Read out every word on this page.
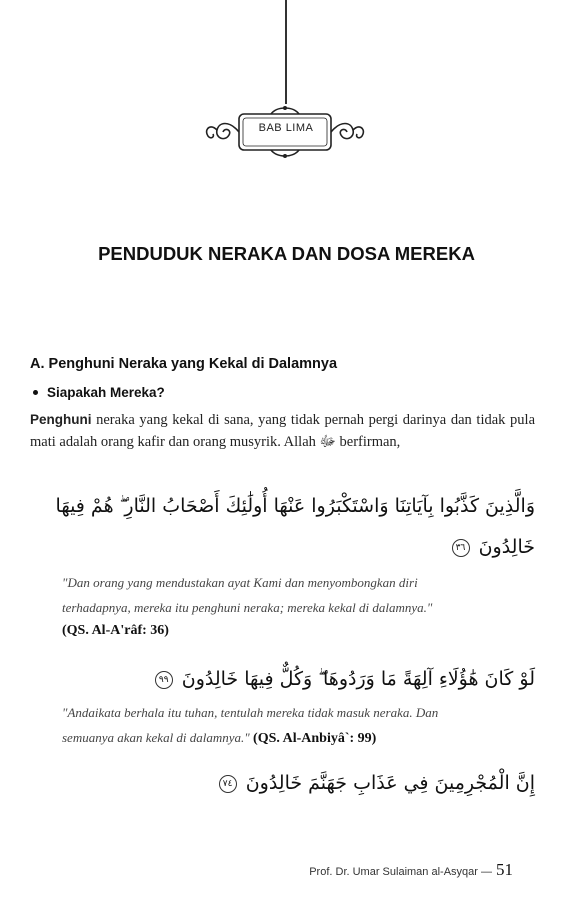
BAB LIMA
PENDUDUK NERAKA DAN DOSA MEREKA
A. Penghuni Neraka yang Kekal di Dalamnya
Siapakah Mereka?
Penghuni neraka yang kekal di sana, yang tidak pernah pergi darinya dan tidak pula mati adalah orang kafir dan orang musyrik. Allah ﷻ berfirman,
وَالَّذِينَ كَذَّبُوا بِآيَاتِنَا وَاسْتَكْبَرُوا عَنْهَا أُولَٰئِكَ أَصْحَابُ النَّارِ ۖ هُمْ فِيهَا
خَالِدُونَ ٣٦
"Dan orang yang mendustakan ayat Kami dan menyombongkan diri
terhadapnya, mereka itu penghuni neraka; mereka kekal di dalamnya."
(QS. Al-A'râf: 36)
لَوْ كَانَ هَٰؤُلَاءِ آلِهَةً مَا وَرَدُوهَا ۖ وَكُلٌّ فِيهَا خَالِدُونَ ٩٩
"Andaikata berhala itu tuhan, tentulah mereka tidak masuk neraka. Dan
semuanya akan kekal di dalamnya." (QS. Al-Anbiyâ`: 99)
إِنَّ الْمُجْرِمِينَ فِي عَذَابِ جَهَنَّمَ خَالِدُونَ ٧٤
Prof. Dr. Umar Sulaiman al-Asyqar — 51
